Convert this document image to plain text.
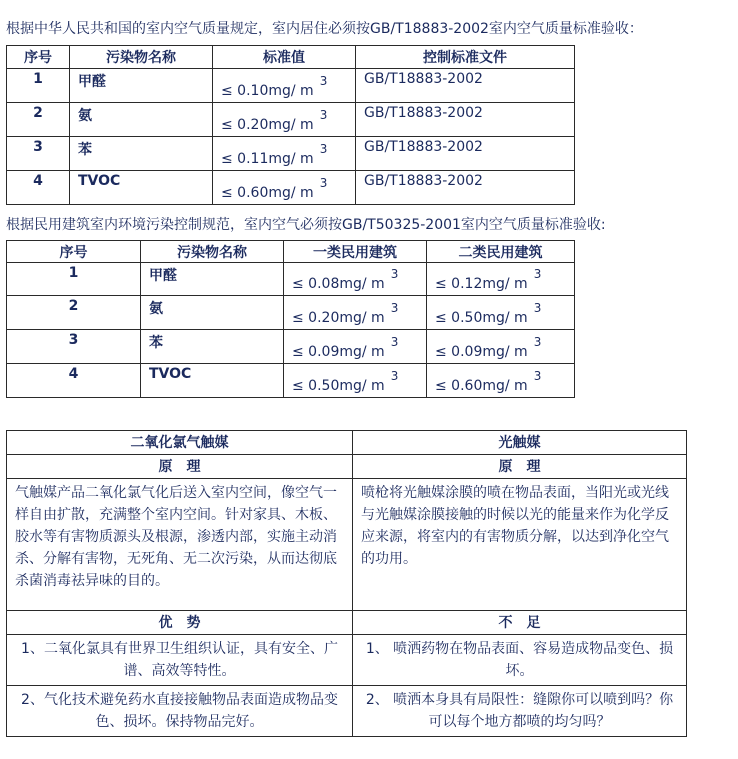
根据中华人民共和国的室内空气质量规定，室内居住必须按GB/T18883-2002室内空气质量标准验收：
序号	污染物名称	标准值	控制标准文件
1	甲醛	≤ 0.10mg/ $m^3$	GB/T18883-2002
2	氨	≤ 0.20mg/ $m^3$	GB/T18883-2002
3	苯	≤ 0.11mg/ $m^3$	GB/T18883-2002
4	TVOC	≤ 0.60mg/ $m^3$	GB/T18883-2002
根据民用建筑室内环境污染控制规范，室内空气必须按GB/T50325-2001室内空气质量标准验收:
序号	污染物名称	一类民用建筑	二类民用建筑
1	甲醛	≤ 0.08mg/ $m^3$	≤ 0.12mg/ $m^3$

2	氨	≤ 0.20mg/ $m^3$	≤ 0.50mg/ $m^3$

3	苯	≤ 0.09mg/ $m^3$	≤ 0.09mg/ $m^3$

4	TVOC	≤ 0.50mg/ $m^3$	≤ 0.60mg/ $m^3$
二氧化氯气触媒	光触媒
原　理	原　理
气触媒产品二氧化氯气化后送入室内空间，像空气一样自由扩散，充满整个室内空间。针对家具、木板、胶水等有害物质源头及根源，渗透内部，实施主动消杀、分解有害物，无死角、无二次污染，从而达彻底杀菌消毒祛异味的目的。	喷枪将光触媒涂膜的喷在物品表面，当阳光或光线与光触媒涂膜接触的时候以光的能量来作为化学反应来源，将室内的有害物质分解，以达到净化空气的功用。
优　势	不　足
1、二氧化氯具有世界卫生组织认证，具有安全、广谱、高效等特性。	1、 喷洒药物在物品表面、容易造成物品变色、损坏。
2、气化技术避免药水直接接触物品表面造成物品变色、损坏。保持物品完好。	2、 喷洒本身具有局限性：缝隙你可以喷到吗？你可以每个地方都喷的均匀吗？
